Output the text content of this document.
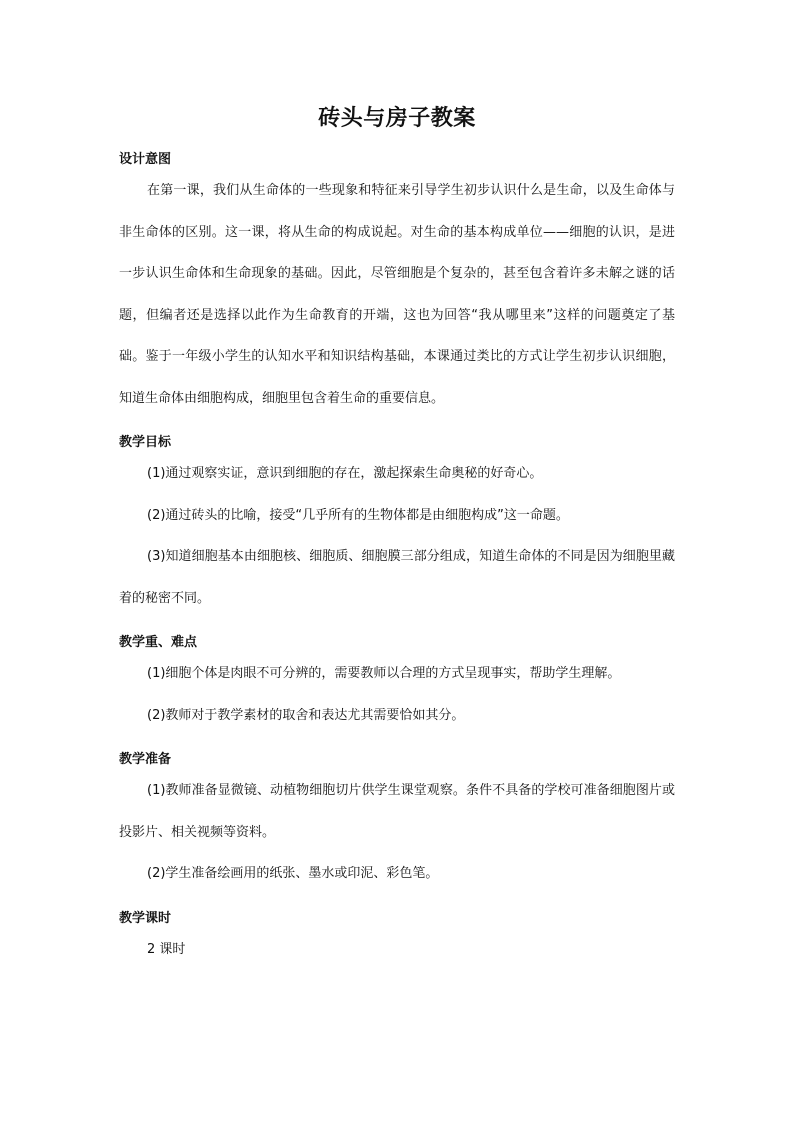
砖头与房子教案
设计意图

在第一课，我们从生命体的一些现象和特征来引导学生初步认识什么是生命，以及生命体与非生命体的区别。这一课，将从生命的构成说起。对生命的基本构成单位——细胞的认识，是进一步认识生命体和生命现象的基础。因此，尽管细胞是个复杂的，甚至包含着许多未解之谜的话题，但编者还是选择以此作为生命教育的开端，这也为回答“我从哪里来”这样的问题奠定了基础。鉴于一年级小学生的认知水平和知识结构基础，本课通过类比的方式让学生初步认识细胞，知道生命体由细胞构成，细胞里包含着生命的重要信息。

教学目标
(1)通过观察实证，意识到细胞的存在，激起探索生命奥秘的好奇心。
(2)通过砖头的比喻，接受“几乎所有的生物体都是由细胞构成”这一命题。
(3)知道细胞基本由细胞核、细胞质、细胞膜三部分组成，知道生命体的不同是因为细胞里藏着的秘密不同。
教学重、难点
(1)细胞个体是肉眼不可分辨的，需要教师以合理的方式呈现事实，帮助学生理解。
(2)教师对于教学素材的取舍和表达尤其需要恰如其分。
教学准备
(1)教师准备显微镜、动植物细胞切片供学生课堂观察。条件不具备的学校可准备细胞图片或投影片、相关视频等资料。
(2)学生准备绘画用的纸张、墨水或印泥、彩色笔。
教学课时
2 课时
